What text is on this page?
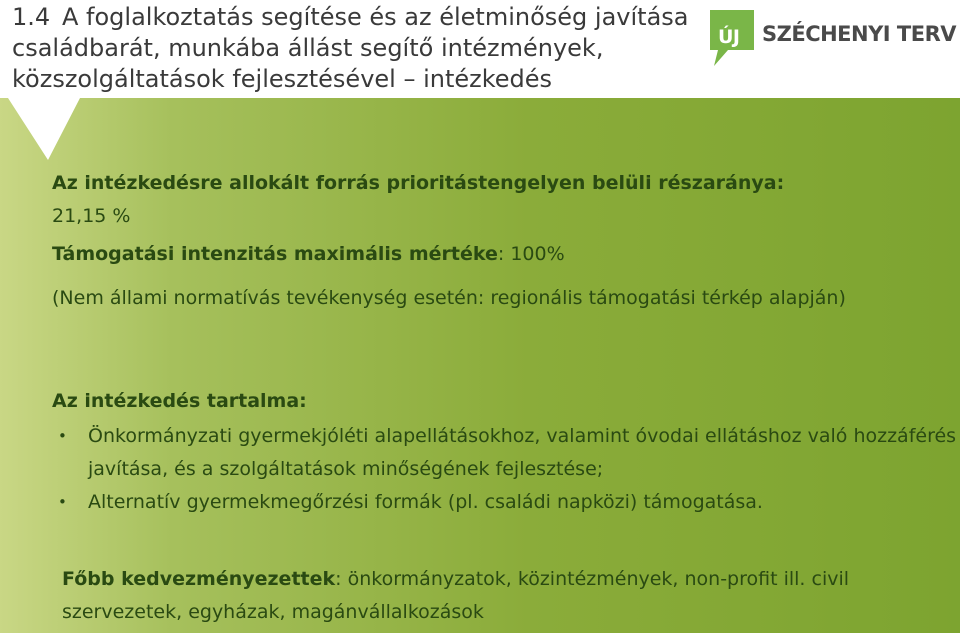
1.4 A foglalkoztatás segítése és az életminőség javítása családbarát, munkába állást segítő intézmények, közszolgáltatások fejlesztésével – intézkedés
ÚJ SZÉCHENYI TERV
Az intézkedésre allokált forrás prioritástengelyen belüli részaránya:
21,15 %
Támogatási intenzitás maximális mértéke: 100%
(Nem állami normatívás tevékenység esetén: regionális támogatási térkép alapján)
Az intézkedés tartalma:
• Önkormányzati gyermekjóléti alapellátásokhoz, valamint óvodai ellátáshoz való hozzáférés javítása, és a szolgáltatások minőségének fejlesztése;
• Alternatív gyermekmegőrzési formák (pl. családi napközi) támogatása.
Főbb kedvezményezettek: önkormányzatok, közintézmények, non-profit ill. civil szervezetek, egyházak, magánvállalkozások
